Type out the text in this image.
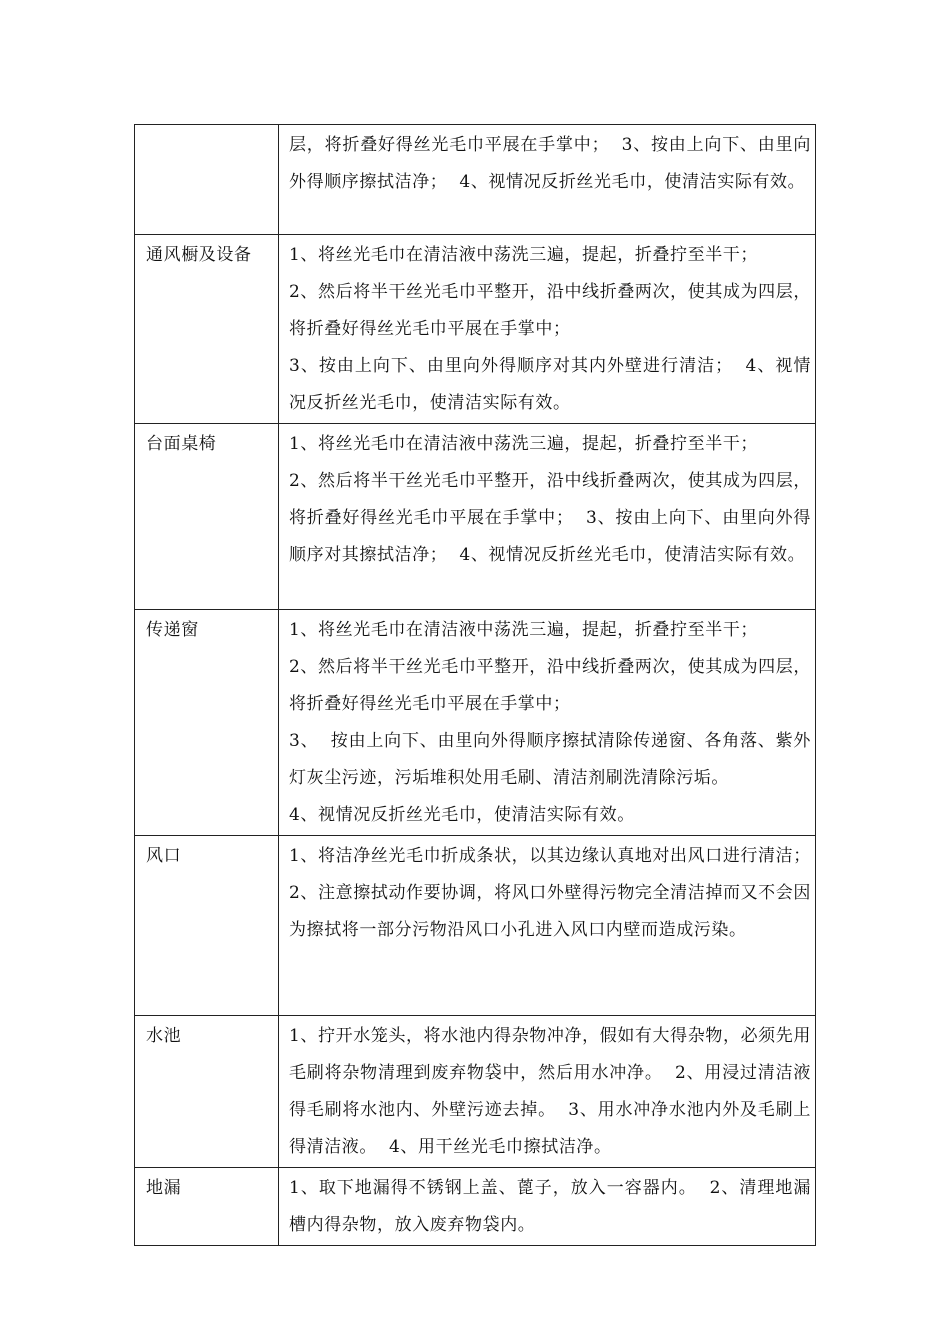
	层，将折叠好得丝光毛巾平展在手掌中；  3、按由上向下、由里向外得顺序擦拭洁净；  4、视情况反折丝光毛巾，使清洁实际有效。

通风橱及设备	1、将丝光毛巾在清洁液中荡洗三遍，提起，折叠拧至半干；
2、然后将半干丝光毛巾平整开，沿中线折叠两次，使其成为四层，将折叠好得丝光毛巾平展在手掌中；
3、按由上向下、由里向外得顺序对其内外壁进行清洁；  4、视情况反折丝光毛巾，使清洁实际有效。

台面桌椅	1、将丝光毛巾在清洁液中荡洗三遍，提起，折叠拧至半干；
2、然后将半干丝光毛巾平整开，沿中线折叠两次，使其成为四层，将折叠好得丝光毛巾平展在手掌中；  3、按由上向下、由里向外得顺序对其擦拭洁净；  4、视情况反折丝光毛巾，使清洁实际有效。

传递窗	1、将丝光毛巾在清洁液中荡洗三遍，提起，折叠拧至半干；
2、然后将半干丝光毛巾平整开，沿中线折叠两次，使其成为四层，将折叠好得丝光毛巾平展在手掌中；
3、  按由上向下、由里向外得顺序擦拭清除传递窗、各角落、紫外灯灰尘污迹，污垢堆积处用毛刷、清洁剂刷洗清除污垢。
4、视情况反折丝光毛巾，使清洁实际有效。

风口	1、将洁净丝光毛巾折成条状，以其边缘认真地对出风口进行清洁；
2、注意擦拭动作要协调，将风口外壁得污物完全清洁掉而又不会因为擦拭将一部分污物沿风口小孔进入风口内壁而造成污染。

水池	1、拧开水笼头，将水池内得杂物冲净，假如有大得杂物，必须先用毛刷将杂物清理到废弃物袋中，然后用水冲净。  2、用浸过清洁液得毛刷将水池内、外壁污迹去掉。  3、用水冲净水池内外及毛刷上得清洁液。  4、用干丝光毛巾擦拭洁净。

地漏	1、取下地漏得不锈钢上盖、蓖子，放入一容器内。  2、清理地漏槽内得杂物，放入废弃物袋内。
